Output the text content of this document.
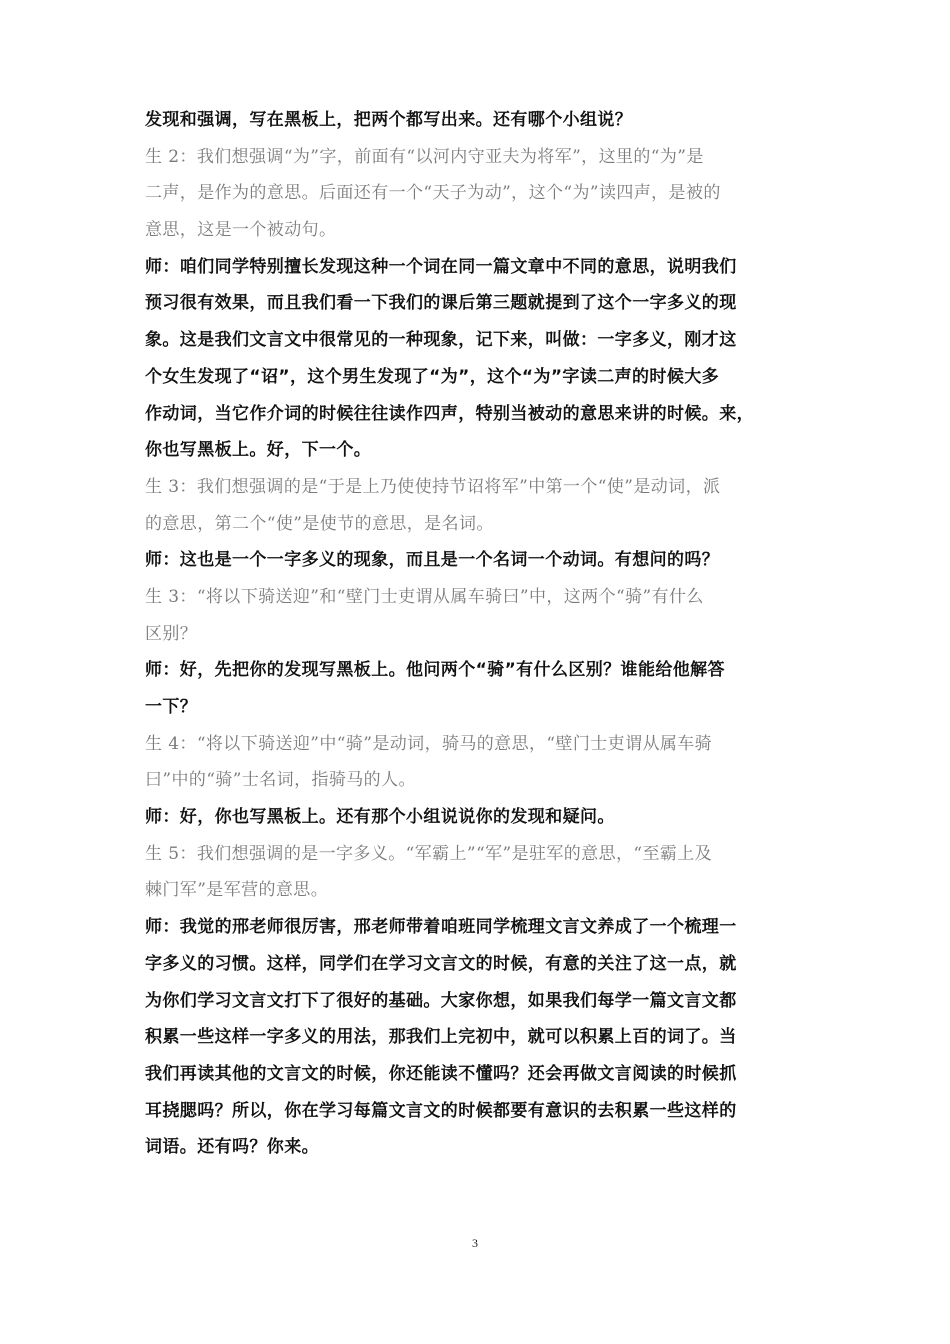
发现和强调，写在黑板上，把两个都写出来。还有哪个小组说？
生 2：我们想强调“为”字，前面有“以河内守亚夫为将军”，这里的“为”是
二声，是作为的意思。后面还有一个“天子为动”，这个“为”读四声，是被的
意思，这是一个被动句。
师：咱们同学特别擅长发现这种一个词在同一篇文章中不同的意思，说明我们
预习很有效果，而且我们看一下我们的课后第三题就提到了这个一字多义的现
象。这是我们文言文中很常见的一种现象，记下来，叫做：一字多义，刚才这
个女生发现了“诏”，这个男生发现了“为”，这个“为”字读二声的时候大多
作动词，当它作介词的时候往往读作四声，特别当被动的意思来讲的时候。来，
你也写黑板上。好，下一个。
生 3：我们想强调的是“于是上乃使使持节诏将军”中第一个“使”是动词，派
的意思，第二个“使”是使节的意思，是名词。
师：这也是一个一字多义的现象，而且是一个名词一个动词。有想问的吗？
生 3：“将以下骑送迎”和“壁门士吏谓从属车骑曰”中，这两个“骑”有什么
区别？
师：好，先把你的发现写黑板上。他问两个“骑”有什么区别？谁能给他解答
一下？
生 4：“将以下骑送迎”中“骑”是动词，骑马的意思，“壁门士吏谓从属车骑
曰”中的“骑”士名词，指骑马的人。
师：好，你也写黑板上。还有那个小组说说你的发现和疑问。
生 5：我们想强调的是一字多义。“军霸上”“军”是驻军的意思，“至霸上及
棘门军”是军营的意思。
师：我觉的邢老师很厉害，邢老师带着咱班同学梳理文言文养成了一个梳理一
字多义的习惯。这样，同学们在学习文言文的时候，有意的关注了这一点，就
为你们学习文言文打下了很好的基础。大家你想，如果我们每学一篇文言文都
积累一些这样一字多义的用法，那我们上完初中，就可以积累上百的词了。当
我们再读其他的文言文的时候，你还能读不懂吗？还会再做文言阅读的时候抓
耳挠腮吗？所以，你在学习每篇文言文的时候都要有意识的去积累一些这样的
词语。还有吗？你来。
3
